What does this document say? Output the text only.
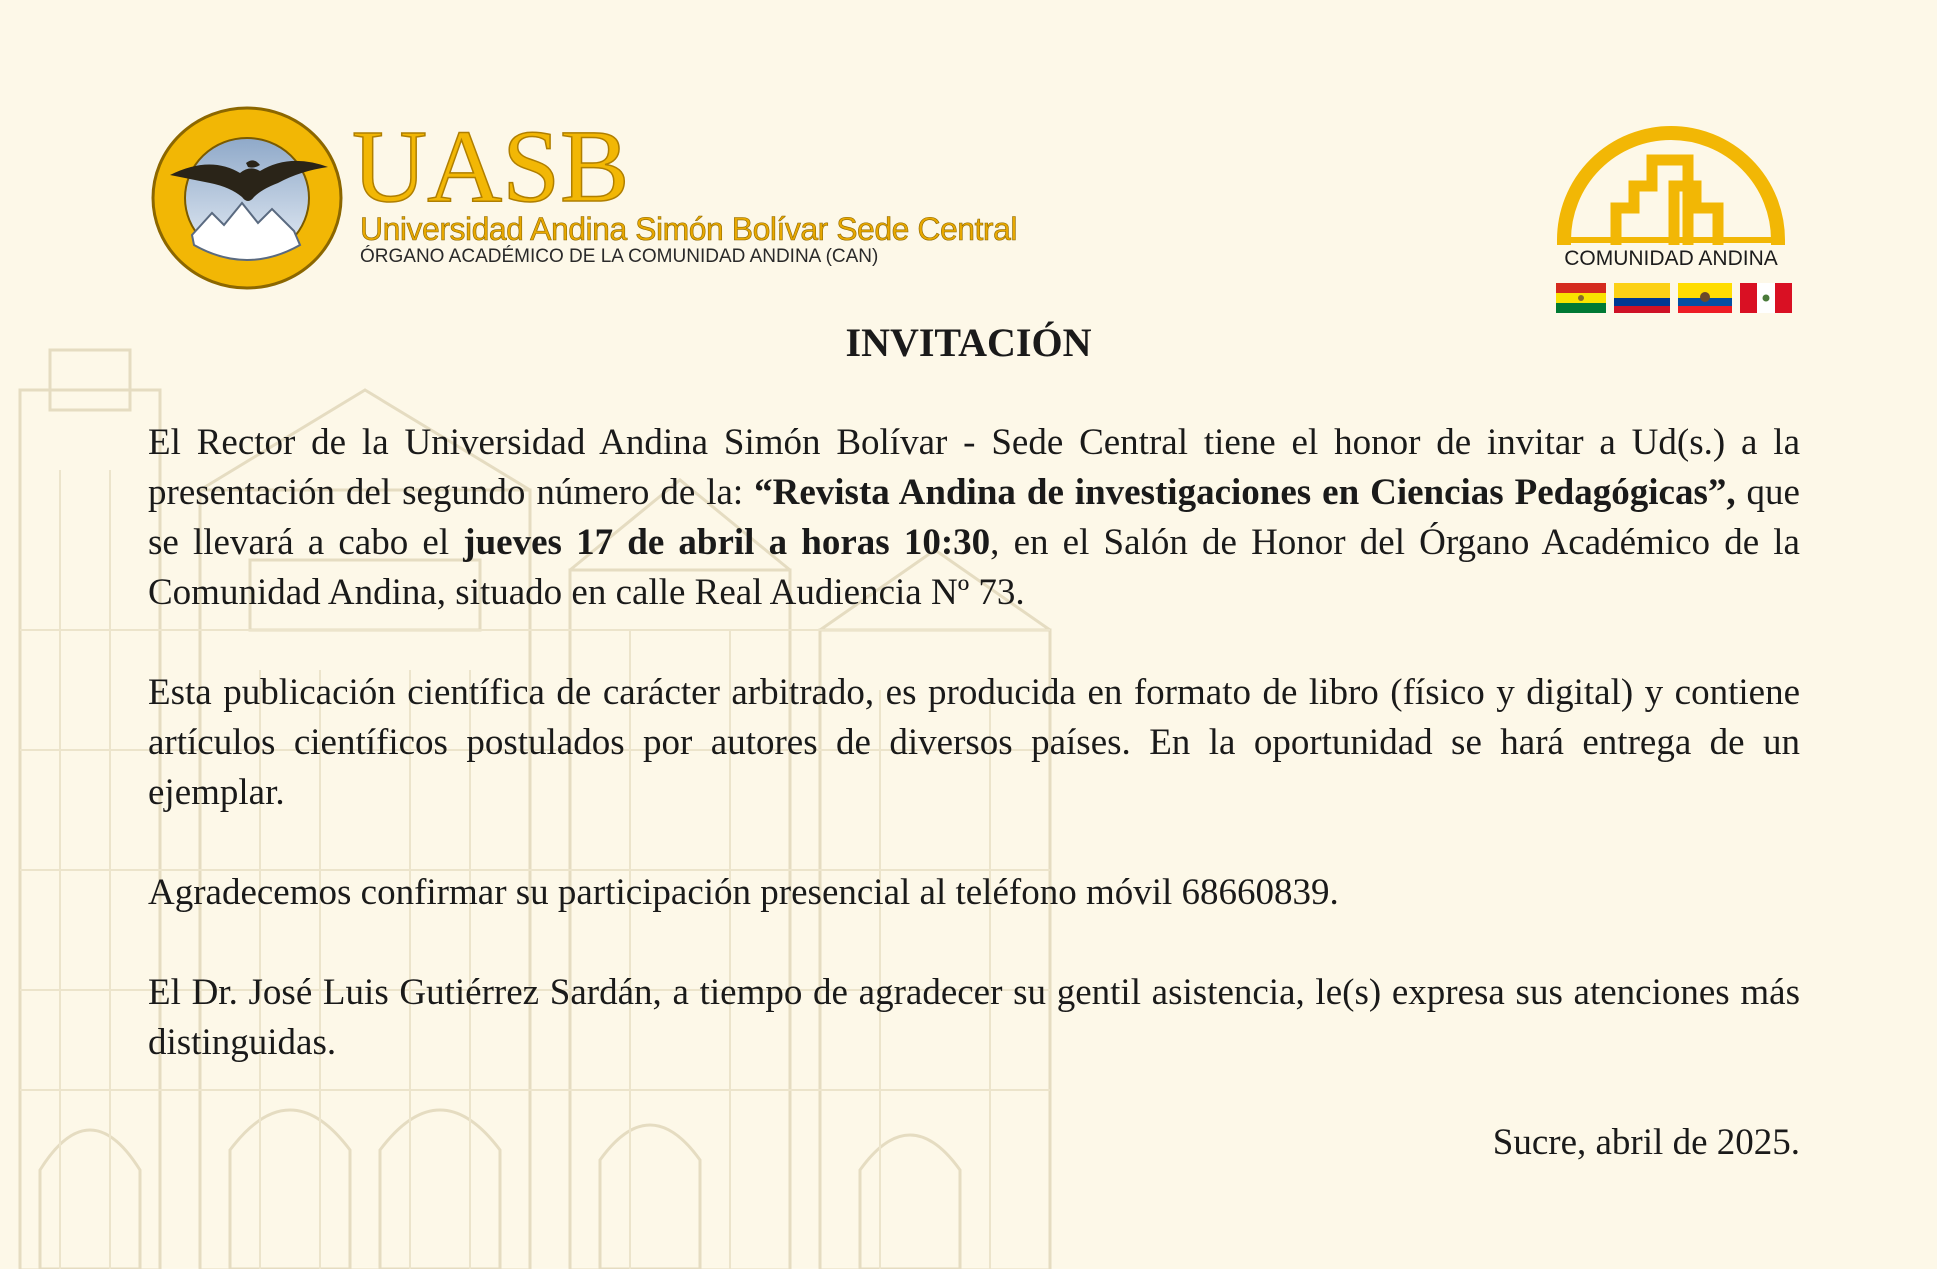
UASB
Universidad Andina Simón Bolívar Sede Central
ÓRGANO ACADÉMICO DE LA COMUNIDAD ANDINA (CAN)	COMUNIDAD ANDINA
INVITACIÓN

El Rector de la Universidad Andina Simón Bolívar - Sede Central tiene el honor de invitar a Ud(s.) a la presentación del segundo número de la: “Revista Andina de investigaciones en Ciencias Pedagógicas”, que se llevará a cabo el jueves 17 de abril a horas 10:30, en el Salón de Honor del Órgano Académico de la Comunidad Andina, situado en calle Real Audiencia Nº 73.

Esta publicación científica de carácter arbitrado, es producida en formato de libro (físico y digital) y contiene artículos científicos postulados por autores de diversos países. En la oportunidad se hará entrega de un ejemplar.

Agradecemos confirmar su participación presencial al teléfono móvil 68660839.

El Dr. José Luis Gutiérrez Sardán, a tiempo de agradecer su gentil asistencia, le(s) expresa sus atenciones más distinguidas.

Sucre, abril de 2025.
